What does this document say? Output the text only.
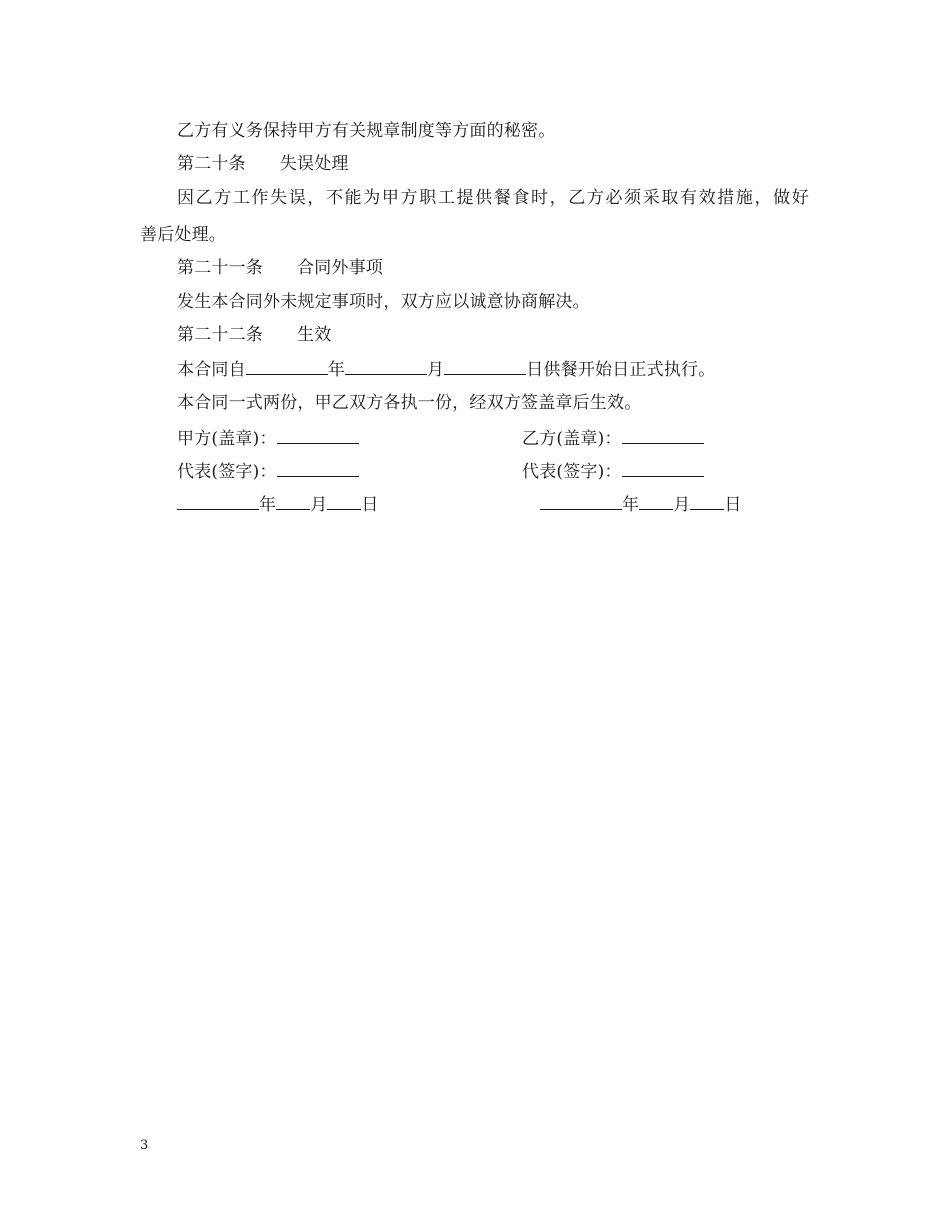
乙方有义务保持甲方有关规章制度等方面的秘密。
第二十条 失误处理
因乙方工作失误，不能为甲方职工提供餐食时，乙方必须采取有效措施，做好
善后处理。
第二十一条 合同外事项
发生本合同外未规定事项时，双方应以诚意协商解决。
第二十二条 生效
本合同自	年	月	日供餐开始日正式执行。
本合同一式两份，甲乙双方各执一份，经双方签盖章后生效。
甲方(盖章)：	乙方(盖章)：
代表(签字)：	代表(签字)：
年 月 日	年 月 日
3
